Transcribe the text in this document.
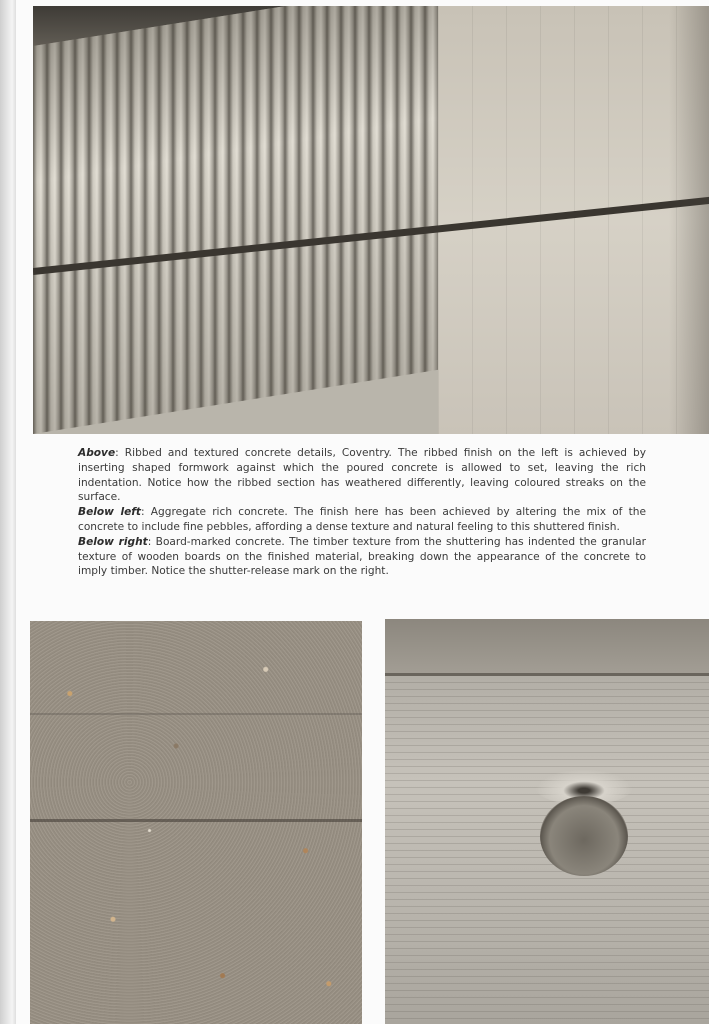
Above: Ribbed and textured concrete details, Coventry. The ribbed finish on the left is achieved by inserting shaped formwork against which the poured concrete is allowed to set, leaving the rich indentation. Notice how the ribbed section has weathered differently, leaving coloured streaks on the surface.

Below left: Aggregate rich concrete. The finish here has been achieved by altering the mix of the concrete to include fine pebbles, affording a dense texture and natural feeling to this shuttered finish.

Below right: Board-marked concrete. The timber texture from the shuttering has indented the granular texture of wooden boards on the finished material, breaking down the appearance of the concrete to imply timber. Notice the shutter-release mark on the right.
